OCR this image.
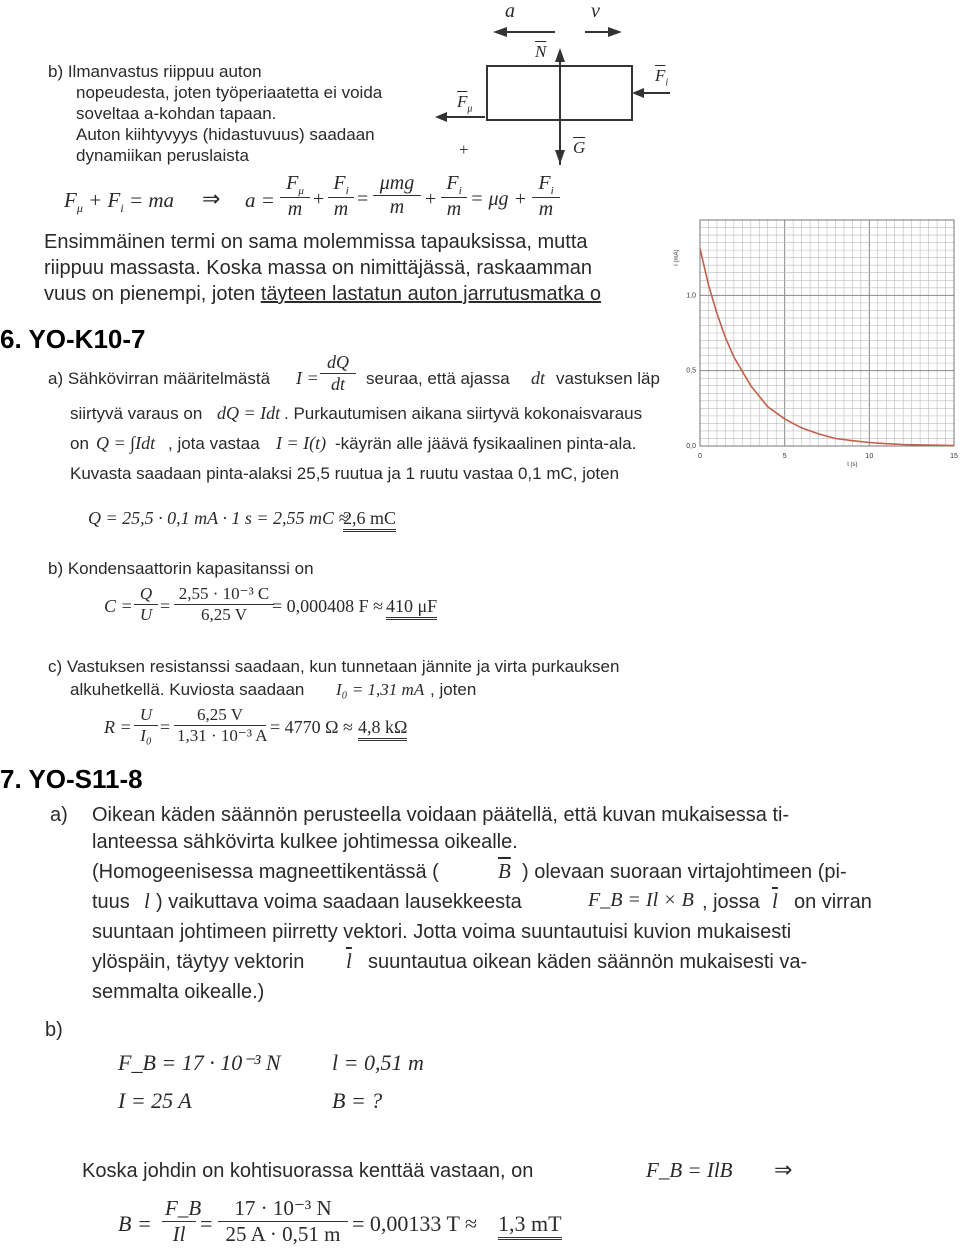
$\overline{a}$	$\overline{v}$
$\overline{N}$
$\overline{F}_i$
$\overline{F}_\mu$
+	$\overline{G}$
b) Ilmanvastus riippuu auton
nopeudesta, joten työperiaatetta ei voida
soveltaa a-kohdan tapaan.
Auton kiihtyvyys (hidastuvuus) saadaan
dynamiikan peruslaista
$F_\mu + F_i$ = ma ⇒ $a = \frac{F_\mu}{m} + \frac{F_i}{m}$ =
μmg
m	+ $\frac{F_i}{m} = \mu g + \frac{F_i}{m}$
Ensimmäinen termi on sama molemmissa tapauksissa, mutta
riippuu massasta. Koska massa on nimittäjässä, raskaamman
vuus on pienempi, joten täyteen lastatun auton jarrutusmatka o
0	5	10	15
0,0
0,5
1,0
t (s)
I (mA)
6. YO-K10-7
a) Sähkövirran määritelmästä $I = \frac{dQ}{dt}$ seuraa, että ajassa dt vastuksen läp
siirtyvä varaus on dQ = Idt . Purkautumisen aikana siirtyvä kokonaisvaraus
on Q = ∫Idt , jota vastaa I = I(t) -käyrän alle jäävä fysikaalinen pinta-ala.
Kuvasta saadaan pinta-alaksi 25,5 ruutua ja 1 ruutu vastaa 0,1 mC, joten
Q = 25,5 · 0,1 mA · 1 s = 2,55 mC ≈
2,6 mC
b) Kondensaattorin kapasitanssi on
$C = \frac{Q}{U} = \frac{\text{2,55 · 10⁻³ C}}{6,25 V}$
= 0,000408 F ≈ 410 μF
c) Vastuksen resistanssi saadaan, kun tunnetaan jännite ja virta purkauksen
alkuhetkellä. Kuviosta saadaan I₀ = 1,31 mA , joten
$R = \frac{U}{\text{I₀}} = \frac{6,25 V}{\text{1,31 · 10⁻³ A}} = 4770$ Ω ≈ 4,8 kΩ
7. YO-S11-8
a) Oikean käden säännön perusteella voidaan päätellä, että kuvan mukaisessa ti-
lanteessa sähkövirta kulkee johtimessa oikealle.
(Homogeenisessa magneettikentässä (	$\overline{B}$ ) olevaan suoraan virtajohtimeen (pi-
tuus l ) vaikuttava voima saadaan lausekkeesta	F_B = Il × B , jossa $\overline{l}$ on virran
suuntaan johtimeen piirretty vektori. Jotta voima suuntautuisi kuvion mukaisesti
ylöspäin, täytyy vektorin $\overline{l}$ suuntautua oikean käden säännön mukaisesti va-
semmalta oikealle.)
b)
F_B = 17 · 10⁻³ N l = 0,51 m
I = 25 A	B = ?
Koska johdin on kohtisuorassa kenttää vastaan, on	F_B = IlB ⇒
$B = \frac{F\_B}{Il} = \frac{\text{17 · 10⁻³ N}}{25 A \cdot 0,51 m} = 0,00133$ T ≈ 1,3 mT
